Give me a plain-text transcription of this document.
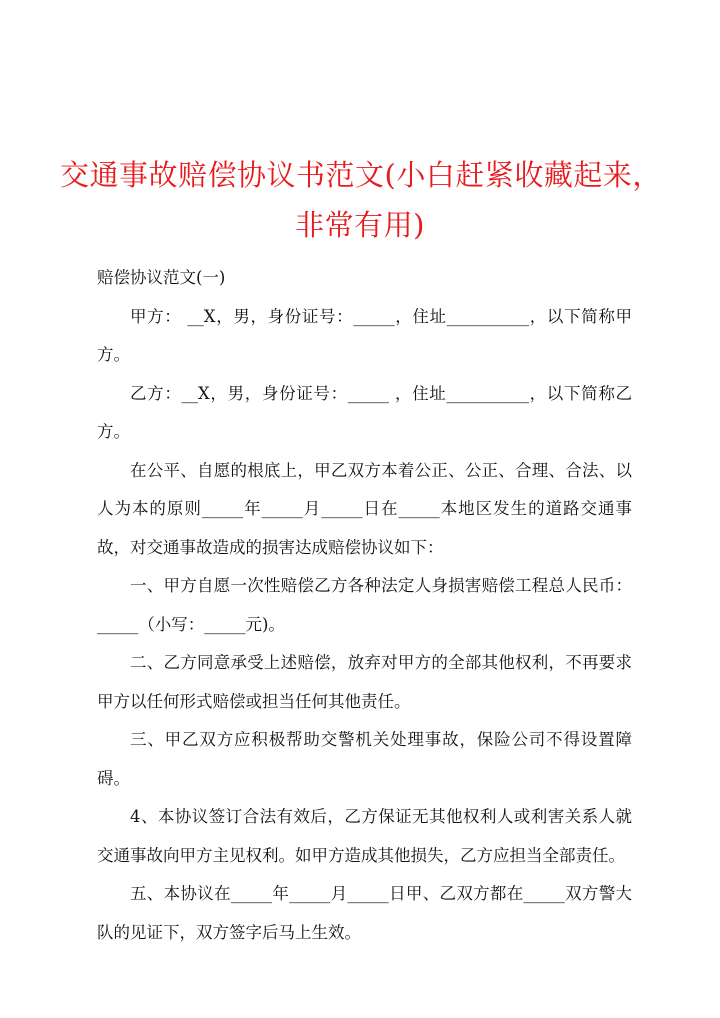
交通事故赔偿协议书范文(小白赶紧收藏起来，
非常有用)

赔偿协议范文(一)

甲方： __X，男，身份证号：_____，住址__________，以下简称甲方。

乙方：__X，男，身份证号：_____ ，住址__________，以下简称乙方。

在公平、自愿的根底上，甲乙双方本着公正、公正、合理、合法、以人为本的原则_____年_____月_____日在_____本地区发生的道路交通事故，对交通事故造成的损害达成赔偿协议如下：

一、甲方自愿一次性赔偿乙方各种法定人身损害赔偿工程总人民币：_____（小写：_____元)。

二、乙方同意承受上述赔偿，放弃对甲方的全部其他权利，不再要求甲方以任何形式赔偿或担当任何其他责任。

三、甲乙双方应积极帮助交警机关处理事故，保险公司不得设置障碍。

4、本协议签订合法有效后，乙方保证无其他权利人或利害关系人就交通事故向甲方主见权利。如甲方造成其他损失，乙方应担当全部责任。

五、本协议在_____年_____月_____日甲、乙双方都在_____双方警大队的见证下，双方签字后马上生效。
